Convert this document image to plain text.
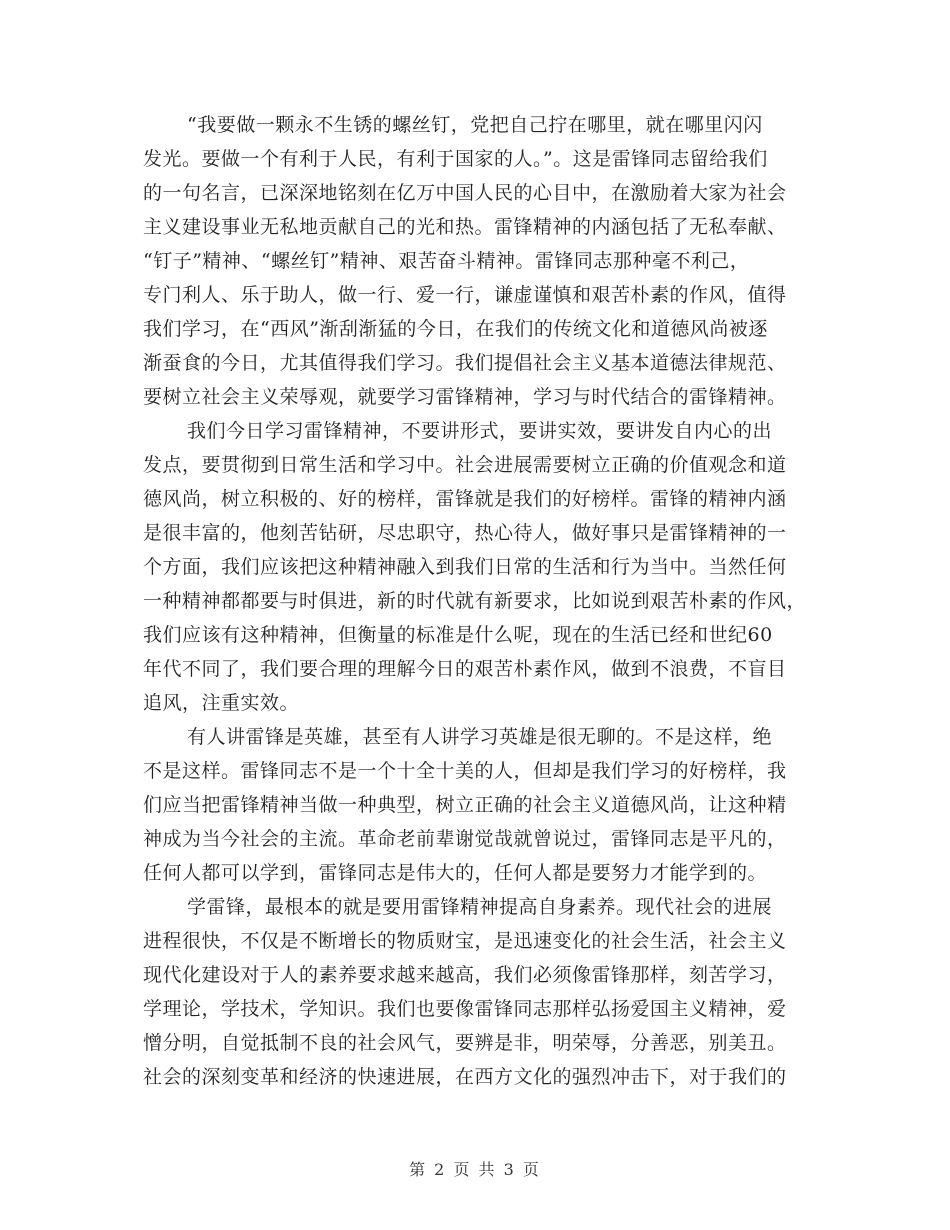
“我要做一颗永不生锈的螺丝钉，党把自己拧在哪里，就在哪里闪闪
发光。要做一个有利于人民，有利于国家的人。”。这是雷锋同志留给我们
的一句名言，已深深地铭刻在亿万中国人民的心目中，在激励着大家为社会
主义建设事业无私地贡献自己的光和热。雷锋精神的内涵包括了无私奉献、
“钉子”精神、“螺丝钉”精神、艰苦奋斗精神。雷锋同志那种毫不利己，
专门利人、乐于助人，做一行、爱一行，谦虚谨慎和艰苦朴素的作风，值得
我们学习，在“西风”渐刮渐猛的今日，在我们的传统文化和道德风尚被逐
渐蚕食的今日，尤其值得我们学习。我们提倡社会主义基本道德法律规范、
要树立社会主义荣辱观，就要学习雷锋精神，学习与时代结合的雷锋精神。
我们今日学习雷锋精神，不要讲形式，要讲实效，要讲发自内心的出
发点，要贯彻到日常生活和学习中。社会进展需要树立正确的价值观念和道
德风尚，树立积极的、好的榜样，雷锋就是我们的好榜样。雷锋的精神内涵
是很丰富的，他刻苦钻研，尽忠职守，热心待人，做好事只是雷锋精神的一
个方面，我们应该把这种精神融入到我们日常的生活和行为当中。当然任何
一种精神都都要与时俱进，新的时代就有新要求，比如说到艰苦朴素的作风，
我们应该有这种精神，但衡量的标准是什么呢，现在的生活已经和世纪60
年代不同了，我们要合理的理解今日的艰苦朴素作风，做到不浪费，不盲目
追风，注重实效。
有人讲雷锋是英雄，甚至有人讲学习英雄是很无聊的。不是这样，绝
不是这样。雷锋同志不是一个十全十美的人，但却是我们学习的好榜样，我
们应当把雷锋精神当做一种典型，树立正确的社会主义道德风尚，让这种精
神成为当今社会的主流。革命老前辈谢觉哉就曾说过，雷锋同志是平凡的，
任何人都可以学到，雷锋同志是伟大的，任何人都是要努力才能学到的。
学雷锋，最根本的就是要用雷锋精神提高自身素养。现代社会的进展
进程很快，不仅是不断增长的物质财宝，是迅速变化的社会生活，社会主义
现代化建设对于人的素养要求越来越高，我们必须像雷锋那样，刻苦学习，
学理论，学技术，学知识。我们也要像雷锋同志那样弘扬爱国主义精神，爱
憎分明，自觉抵制不良的社会风气，要辨是非，明荣辱，分善恶，别美丑。
社会的深刻变革和经济的快速进展，在西方文化的强烈冲击下，对于我们的
第 2 页 共 3 页
